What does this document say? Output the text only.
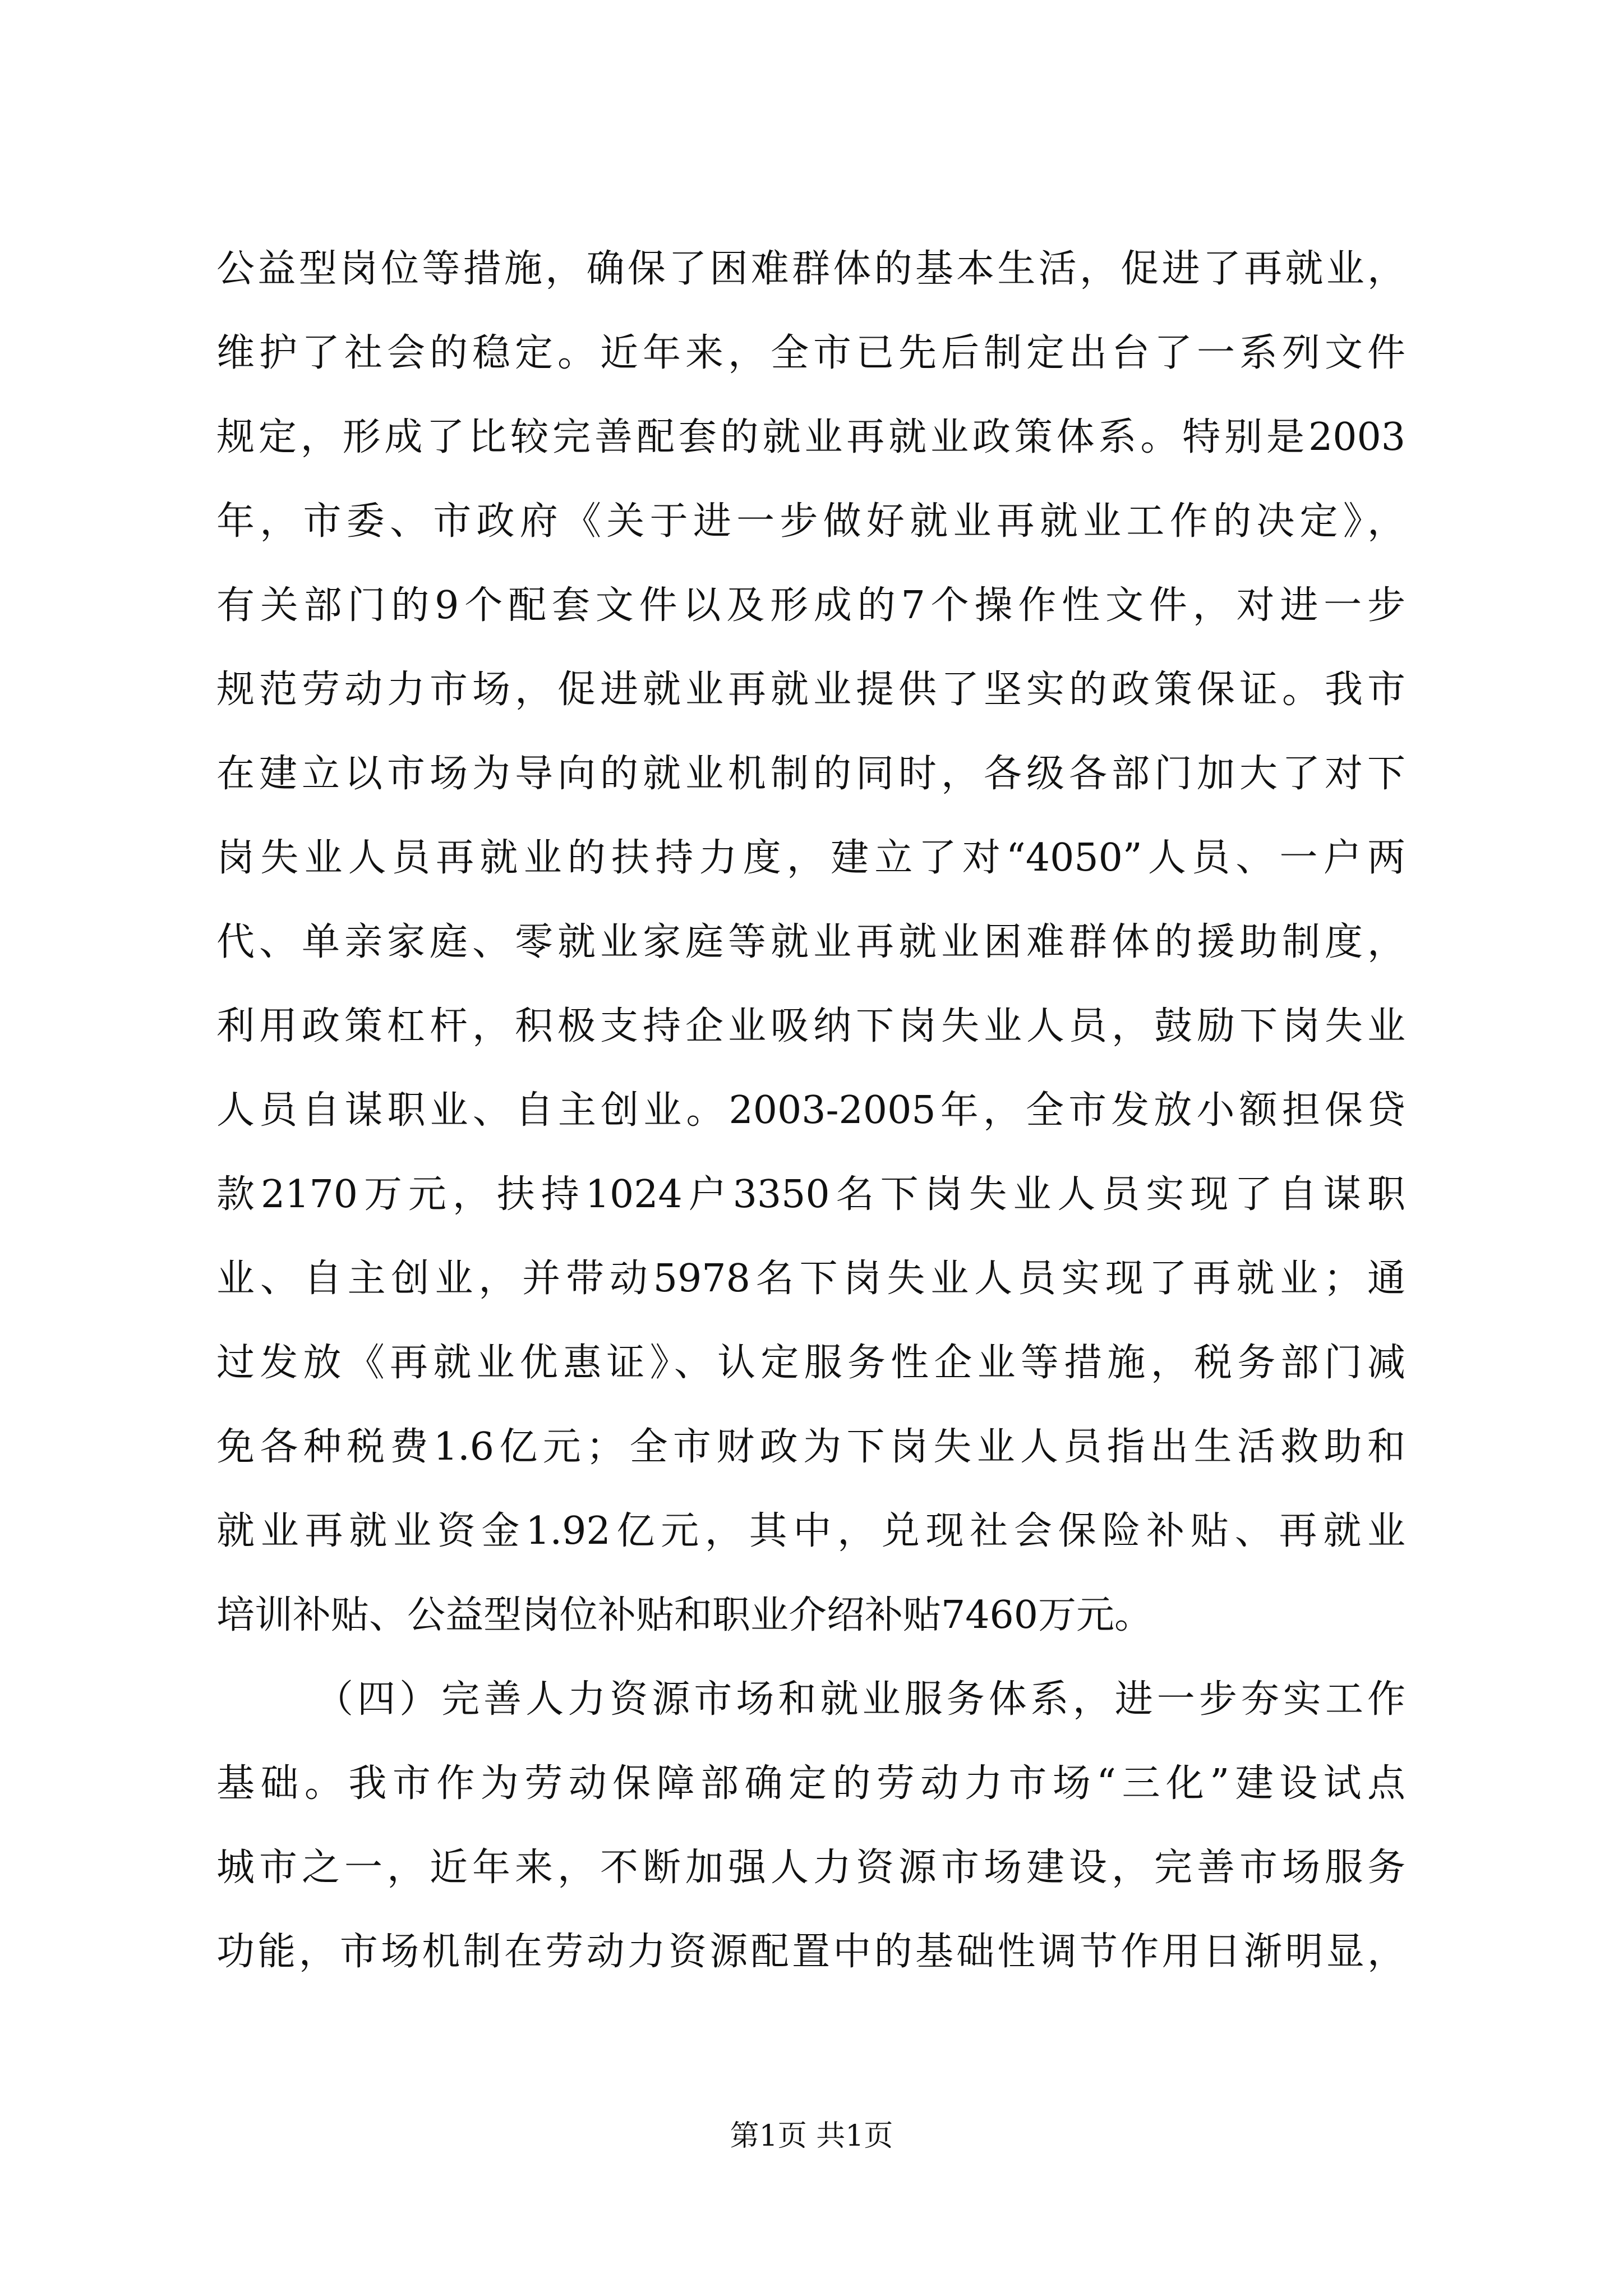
公益型岗位等措施，确保了困难群体的基本生活，促进了再就业，
维护了社会的稳定。近年来，全市已先后制定出台了一系列文件
规定，形成了比较完善配套的就业再就业政策体系。特别是2003
年，市委、市政府《关于进一步做好就业再就业工作的决定》，
有关部门的9个配套文件以及形成的7个操作性文件，对进一步
规范劳动力市场，促进就业再就业提供了坚实的政策保证。我市
在建立以市场为导向的就业机制的同时，各级各部门加大了对下
岗失业人员再就业的扶持力度，建立了对“4050”人员、一户两
代、单亲家庭、零就业家庭等就业再就业困难群体的援助制度，
利用政策杠杆，积极支持企业吸纳下岗失业人员，鼓励下岗失业
人员自谋职业、自主创业。2003-2005年，全市发放小额担保贷
款2170万元，扶持1024户3350名下岗失业人员实现了自谋职
业、自主创业，并带动5978名下岗失业人员实现了再就业；通
过发放《再就业优惠证》、认定服务性企业等措施，税务部门减
免各种税费1.6亿元；全市财政为下岗失业人员指出生活救助和
就业再就业资金1.92亿元，其中，兑现社会保险补贴、再就业
培训补贴、公益型岗位补贴和职业介绍补贴7460万元。
（四）完善人力资源市场和就业服务体系，进一步夯实工作
基础。我市作为劳动保障部确定的劳动力市场“三化”建设试点
城市之一，近年来，不断加强人力资源市场建设，完善市场服务
功能，市场机制在劳动力资源配置中的基础性调节作用日渐明显，
第1页 共1页
